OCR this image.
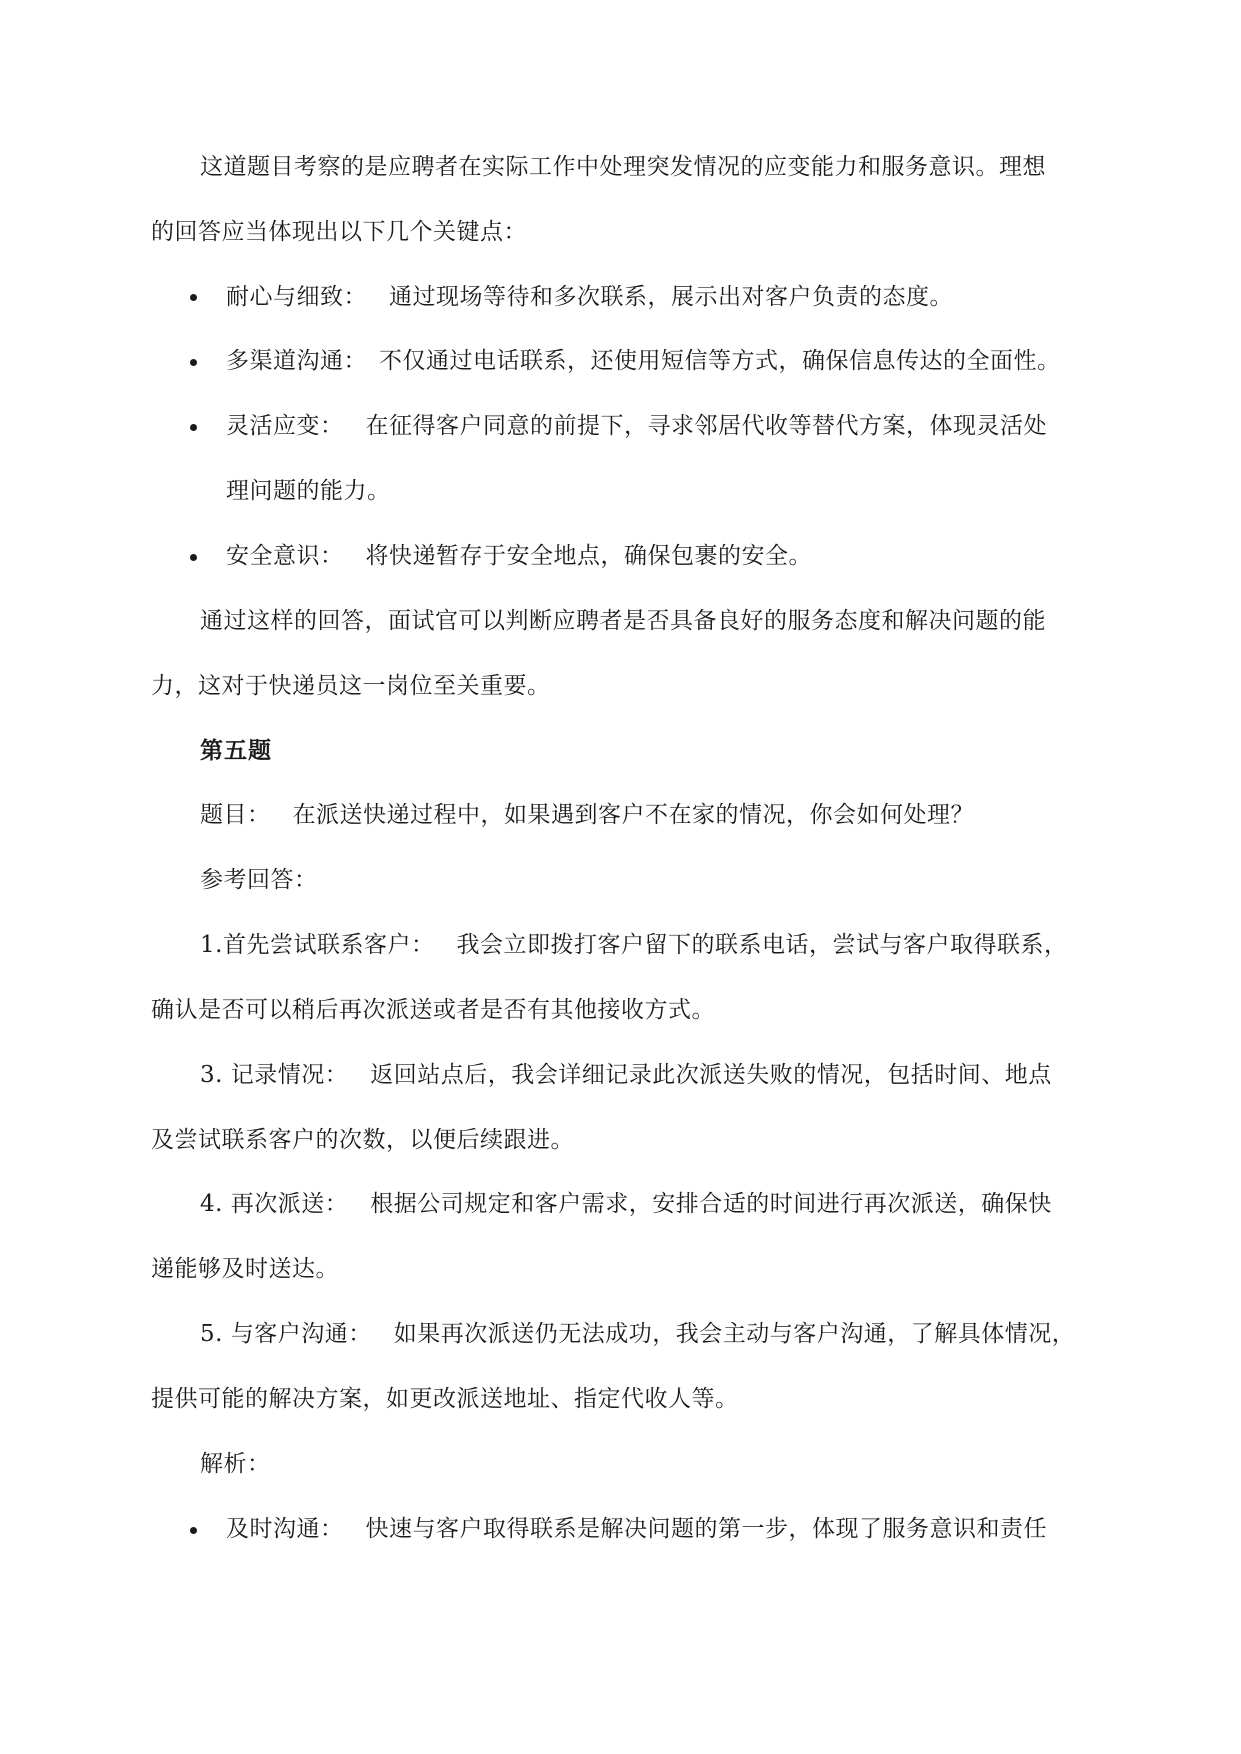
这道题目考察的是应聘者在实际工作中处理突发情况的应变能力和服务意识。理想
的回答应当体现出以下几个关键点：
耐心与细致： 通过现场等待和多次联系，展示出对客户负责的态度。
多渠道沟通： 不仅通过电话联系，还使用短信等方式，确保信息传达的全面性。
灵活应变： 在征得客户同意的前提下，寻求邻居代收等替代方案，体现灵活处
理问题的能力。
安全意识： 将快递暂存于安全地点，确保包裹的安全。
通过这样的回答，面试官可以判断应聘者是否具备良好的服务态度和解决问题的能
力，这对于快递员这一岗位至关重要。
第五题
题目： 在派送快递过程中，如果遇到客户不在家的情况，你会如何处理？
参考回答：
1.首先尝试联系客户： 我会立即拨打客户留下的联系电话，尝试与客户取得联系，
确认是否可以稍后再次派送或者是否有其他接收方式。
3. 记录情况： 返回站点后，我会详细记录此次派送失败的情况，包括时间、地点
及尝试联系客户的次数，以便后续跟进。
4. 再次派送： 根据公司规定和客户需求，安排合适的时间进行再次派送，确保快
递能够及时送达。
5. 与客户沟通： 如果再次派送仍无法成功，我会主动与客户沟通，了解具体情况，
提供可能的解决方案，如更改派送地址、指定代收人等。
解析：
及时沟通： 快速与客户取得联系是解决问题的第一步，体现了服务意识和责任
